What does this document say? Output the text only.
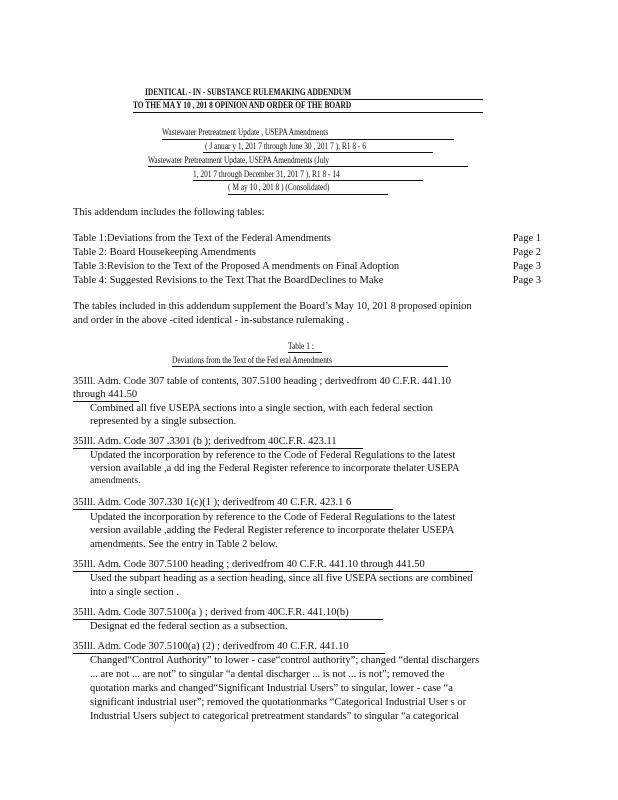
IDENTICAL - IN - SUBSTANCE RULEMAKING ADDENDUM
TO THE MA Y 10 , 201 8 OPINION AND ORDER OF THE BOARD
Wastewater Pretreatment Update , USEPA Amendments
( J anuar y 1, 201 7 through June 30 , 201 7 ), R1 8 - 6
Wastewater Pretreatment Update, USEPA Amendments (July
1, 201 7 through December 31, 201 7 ), R1 8 - 14
( M ay 10 , 201 8 ) (Consolidated)
This addendum includes the following tables:
Table 1:Deviations from the Text of the Federal Amendments	Page 1
Table 2: Board Housekeeping Amendments	Page 2
Table 3:Revision to the Text of the Proposed A mendments on Final Adoption	Page 3
Table 4: Suggested Revisions to the Text That the BoardDeclines to Make	Page 3
The tables included in this addendum supplement the Board’s May 10, 201 8 proposed opinion
and order in the above -cited identical - in-substance rulemaking .
Table 1 :
Deviations from the Text of the Fed eral Amendments
35Ill. Adm. Code 307 table of contents, 307.5100 heading ; derivedfrom 40 C.F.R. 441.10
through 441.50
Combined all five USEPA sections into a single section, with each federal section
represented by a single subsection.
35Ill. Adm. Code 307 .3301 (b ); derivedfrom 40C.F.R. 423.11
Updated the incorporation by reference to the Code of Federal Regulations to the latest
version available ,a dd ing the Federal Register reference to incorporate thelater USEPA
amendments.
35Ill. Adm. Code 307.330 1(c)(1 ); derivedfrom 40 C.F.R. 423.1 6
Updated the incorporation by reference to the Code of Federal Regulations to the latest
version available ,adding the Federal Register reference to incorporate thelater USEPA
amendments. See the entry in Table 2 below.
35Ill. Adm. Code 307.5100 heading ; derivedfrom 40 C.F.R. 441.10 through 441.50
Used the subpart heading as a section heading, since all five USEPA sections are combined
into a single section .
35Ill. Adm. Code 307.5100(a ) ; derived from 40C.F.R. 441.10(b)
Designat ed the federal section as a subsection.
35Ill. Adm. Code 307.5100(a) (2) ; derivedfrom 40 C.F.R. 441.10
Changed“Control Authority” to lower - case“control authority”; changed “dental dischargers
... are not ... are not” to singular “a dental discharger ... is not ... is not”; removed the
quotation marks and changed“Significant Industrial Users” to singular, lower - case “a
significant industrial user”; removed the quotationmarks “Categorical Industrial User s or
Industrial Users subject to categorical pretreatment standards” to singular “a categorical
